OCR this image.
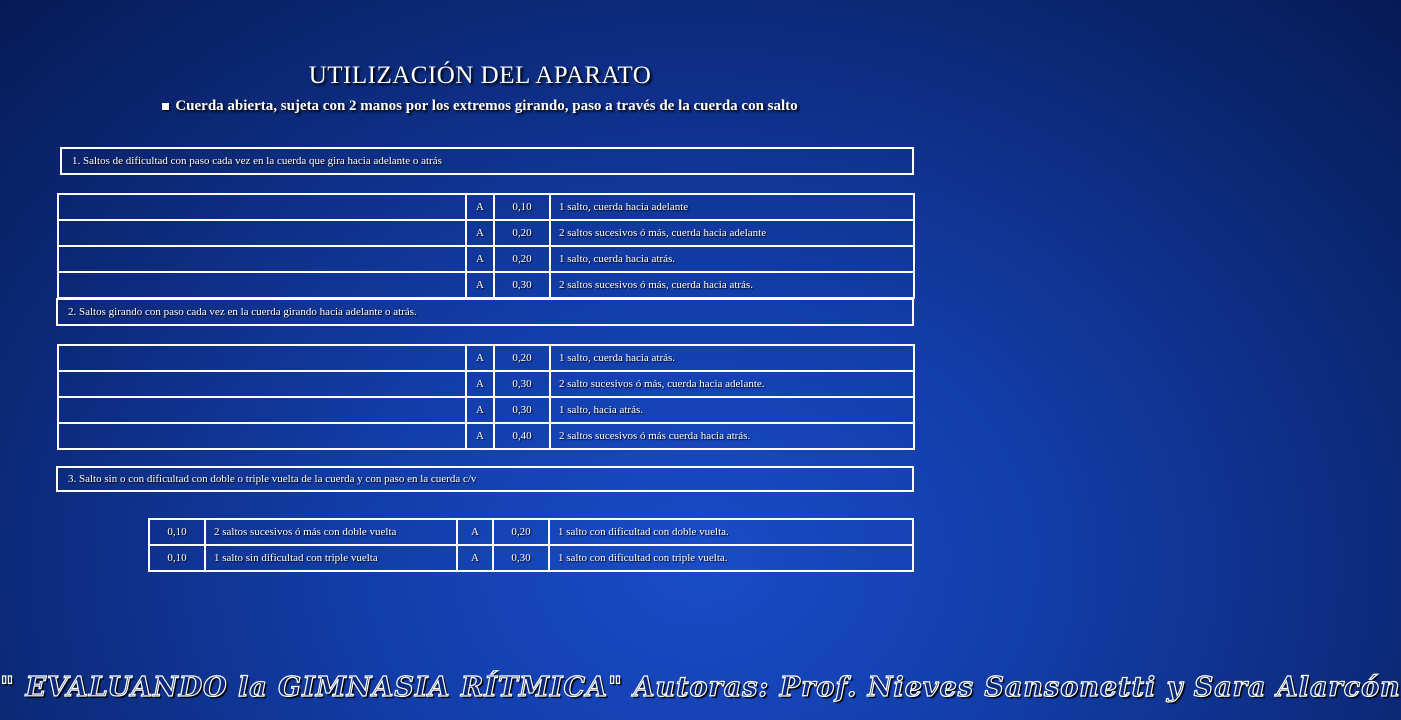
UTILIZACIÓN DEL APARATO
Cuerda abierta, sujeta con 2 manos por los extremos girando, paso a través de la cuerda con salto
1. Saltos de dificultad con paso cada vez en la cuerda que gira hacia adelante o atrás
	A	0,10	1 salto, cuerda hacia adelante
	A	0,20	2 saltos sucesivos ó más, cuerda hacia adelante
	A	0,20	1 salto, cuerda hacia atrás.
	A	0,30	2 saltos sucesivos ó más, cuerda hacia atrás.
2. Saltos girando con paso cada vez en la cuerda girando hacia adelante o atrás.
	A	0,20	1 salto, cuerda hacia atrás.
	A	0,30	2 salto sucesivos ó más, cuerda hacia adelante.
	A	0,30	1 salto, hacia atrás.
	A	0,40	2 saltos sucesivos ó más cuerda hacia atrás.
3. Salto sin o con dificultad con doble o triple vuelta de la cuerda y con paso en la cuerda c/v
	0,10	2 saltos sucesivos ó más con doble vuelta	A	0,20	1 salto con dificultad con doble vuelta.
	0,10	1 salto sin dificultad con triple vuelta	A	0,30	1 salto con dificultad con triple vuelta.
" EVALUANDO la GIMNASIA RÍTMICA" Autoras: Prof. Nieves Sansonetti y Sara Alarcón
